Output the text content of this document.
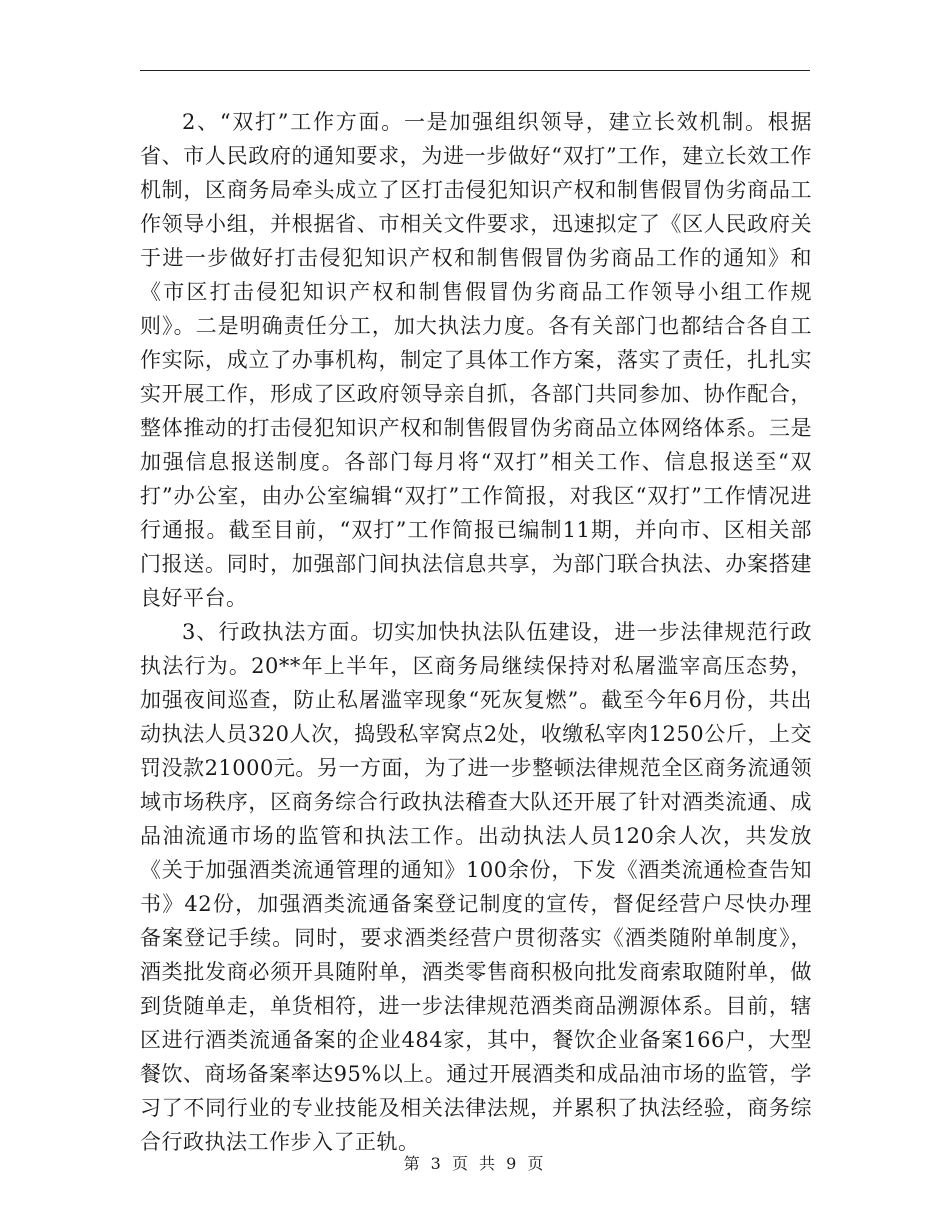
2、“双打”工作方面。一是加强组织领导，建立长效机制。根据省、市人民政府的通知要求，为进一步做好“双打”工作，建立长效工作机制，区商务局牵头成立了区打击侵犯知识产权和制售假冒伪劣商品工作领导小组，并根据省、市相关文件要求，迅速拟定了《区人民政府关于进一步做好打击侵犯知识产权和制售假冒伪劣商品工作的通知》和《市区打击侵犯知识产权和制售假冒伪劣商品工作领导小组工作规则》。二是明确责任分工，加大执法力度。各有关部门也都结合各自工作实际，成立了办事机构，制定了具体工作方案，落实了责任，扎扎实实开展工作，形成了区政府领导亲自抓，各部门共同参加、协作配合，整体推动的打击侵犯知识产权和制售假冒伪劣商品立体网络体系。三是加强信息报送制度。各部门每月将“双打”相关工作、信息报送至“双打”办公室，由办公室编辑“双打”工作简报，对我区“双打”工作情况进行通报。截至目前，“双打”工作简报已编制11期，并向市、区相关部门报送。同时，加强部门间执法信息共享，为部门联合执法、办案搭建良好平台。

3、行政执法方面。切实加快执法队伍建设，进一步法律规范行政执法行为。20**年上半年，区商务局继续保持对私屠滥宰高压态势，加强夜间巡查，防止私屠滥宰现象“死灰复燃”。截至今年6月份，共出动执法人员320人次，捣毁私宰窝点2处，收缴私宰肉1250公斤，上交罚没款21000元。另一方面，为了进一步整顿法律规范全区商务流通领域市场秩序，区商务综合行政执法稽查大队还开展了针对酒类流通、成品油流通市场的监管和执法工作。出动执法人员120余人次，共发放《关于加强酒类流通管理的通知》100余份，下发《酒类流通检查告知书》42份，加强酒类流通备案登记制度的宣传，督促经营户尽快办理备案登记手续。同时，要求酒类经营户贯彻落实《酒类随附单制度》，酒类批发商必须开具随附单，酒类零售商积极向批发商索取随附单，做到货随单走，单货相符，进一步法律规范酒类商品溯源体系。目前，辖区进行酒类流通备案的企业484家，其中，餐饮企业备案166户，大型餐饮、商场备案率达95%以上。通过开展酒类和成品油市场的监管，学习了不同行业的专业技能及相关法律法规，并累积了执法经验，商务综合行政执法工作步入了正轨。

第 3 页 共 9 页
